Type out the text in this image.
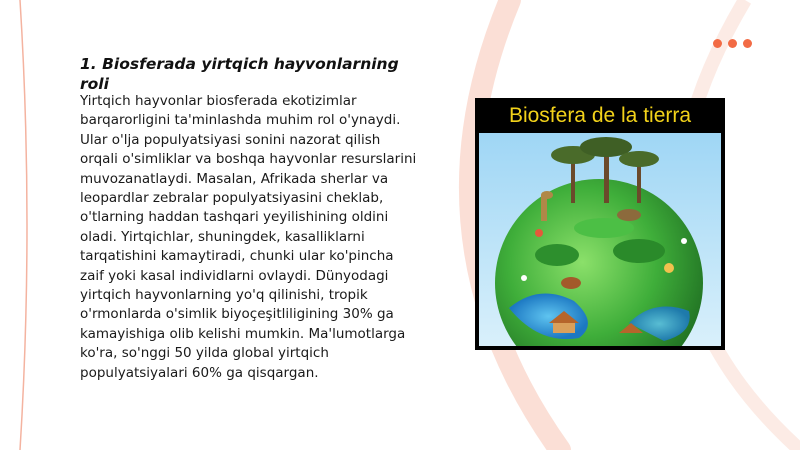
1. Biosferada yirtqich hayvonlarning roli

Yirtqich hayvonlar biosferada ekotizimlar barqarorligini ta'minlashda muhim rol o'ynaydi. Ular o'lja populyatsiyasi sonini nazorat qilish orqali o'simliklar va boshqa hayvonlar resurslarini muvozanatlaydi. Masalan, Afrikada sherlar va leopardlar zebralar populyatsiyasini cheklab, o'tlarning haddan tashqari yeyilishining oldini oladi. Yirtqichlar, shuningdek, kasalliklarni tarqatishini kamaytiradi, chunki ular ko'pincha zaif yoki kasal individlarni ovlaydi. Dünyodagi yirtqich hayvonlarning yo'q qilinishi, tropik o'rmonlarda o'simlik biyoçeşitliligining 30% ga kamayishiga olib kelishi mumkin. Ma'lumotlarga ko'ra, so'nggi 50 yilda global yirtqich populyatsiyalari 60% ga qisqargan.

Biosfera de la tierra
